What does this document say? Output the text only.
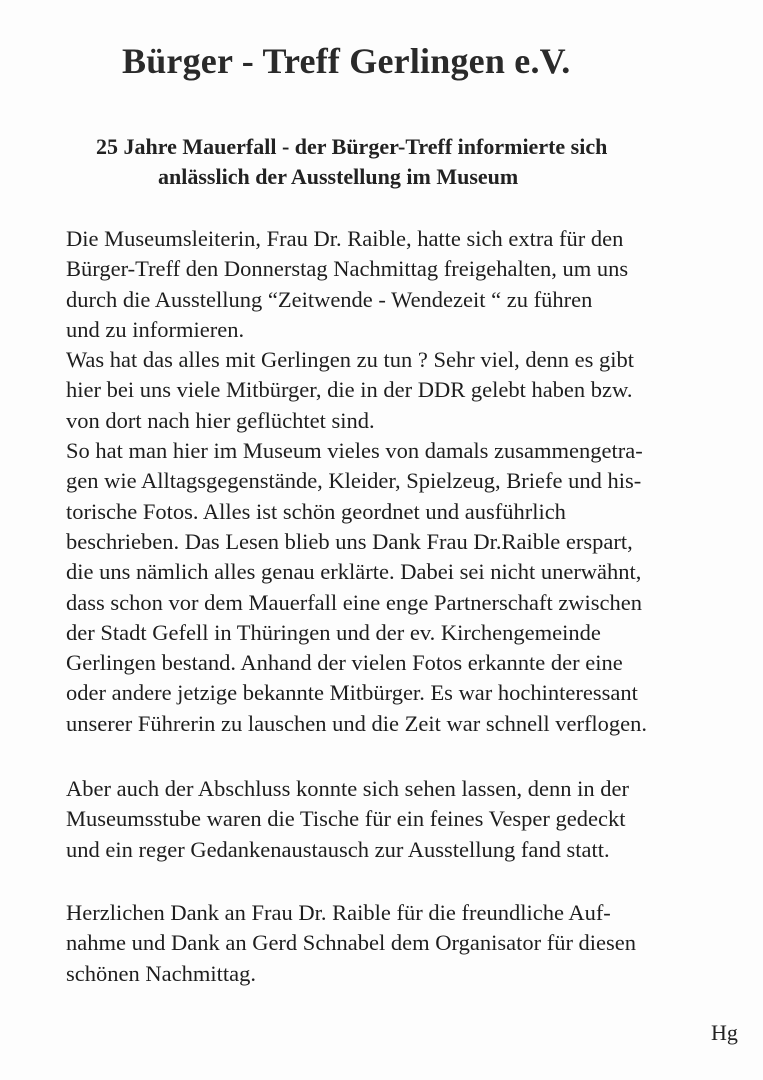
Bürger - Treff Gerlingen e.V.
25 Jahre Mauerfall - der Bürger-Treff informierte sich
anlässlich der Ausstellung im Museum
Die Museumsleiterin, Frau Dr. Raible, hatte sich extra für den
Bürger-Treff den Donnerstag Nachmittag freigehalten, um uns
durch die Ausstellung “Zeitwende - Wendezeit “ zu führen
und zu informieren.
Was hat das alles mit Gerlingen zu tun ? Sehr viel, denn es gibt
hier bei uns viele Mitbürger, die in der DDR gelebt haben bzw.
von dort nach hier geflüchtet sind.
So hat man hier im Museum vieles von damals zusammengetra-
gen wie Alltagsgegenstände, Kleider, Spielzeug, Briefe und his-
torische Fotos. Alles ist schön geordnet und ausführlich
beschrieben. Das Lesen blieb uns Dank Frau Dr.Raible erspart,
die uns nämlich alles genau erklärte. Dabei sei nicht unerwähnt,
dass schon vor dem Mauerfall eine enge Partnerschaft zwischen
der Stadt Gefell in Thüringen und der ev. Kirchengemeinde
Gerlingen bestand. Anhand der vielen Fotos erkannte der eine
oder andere jetzige bekannte Mitbürger. Es war hochinteressant
unserer Führerin zu lauschen und die Zeit war schnell verflogen.
Aber auch der Abschluss konnte sich sehen lassen, denn in der
Museumsstube waren die Tische für ein feines Vesper gedeckt
und ein reger Gedankenaustausch zur Ausstellung fand statt.
Herzlichen Dank an Frau Dr. Raible für die freundliche Auf-
nahme und Dank an Gerd Schnabel dem Organisator für diesen
schönen Nachmittag.
Hg
